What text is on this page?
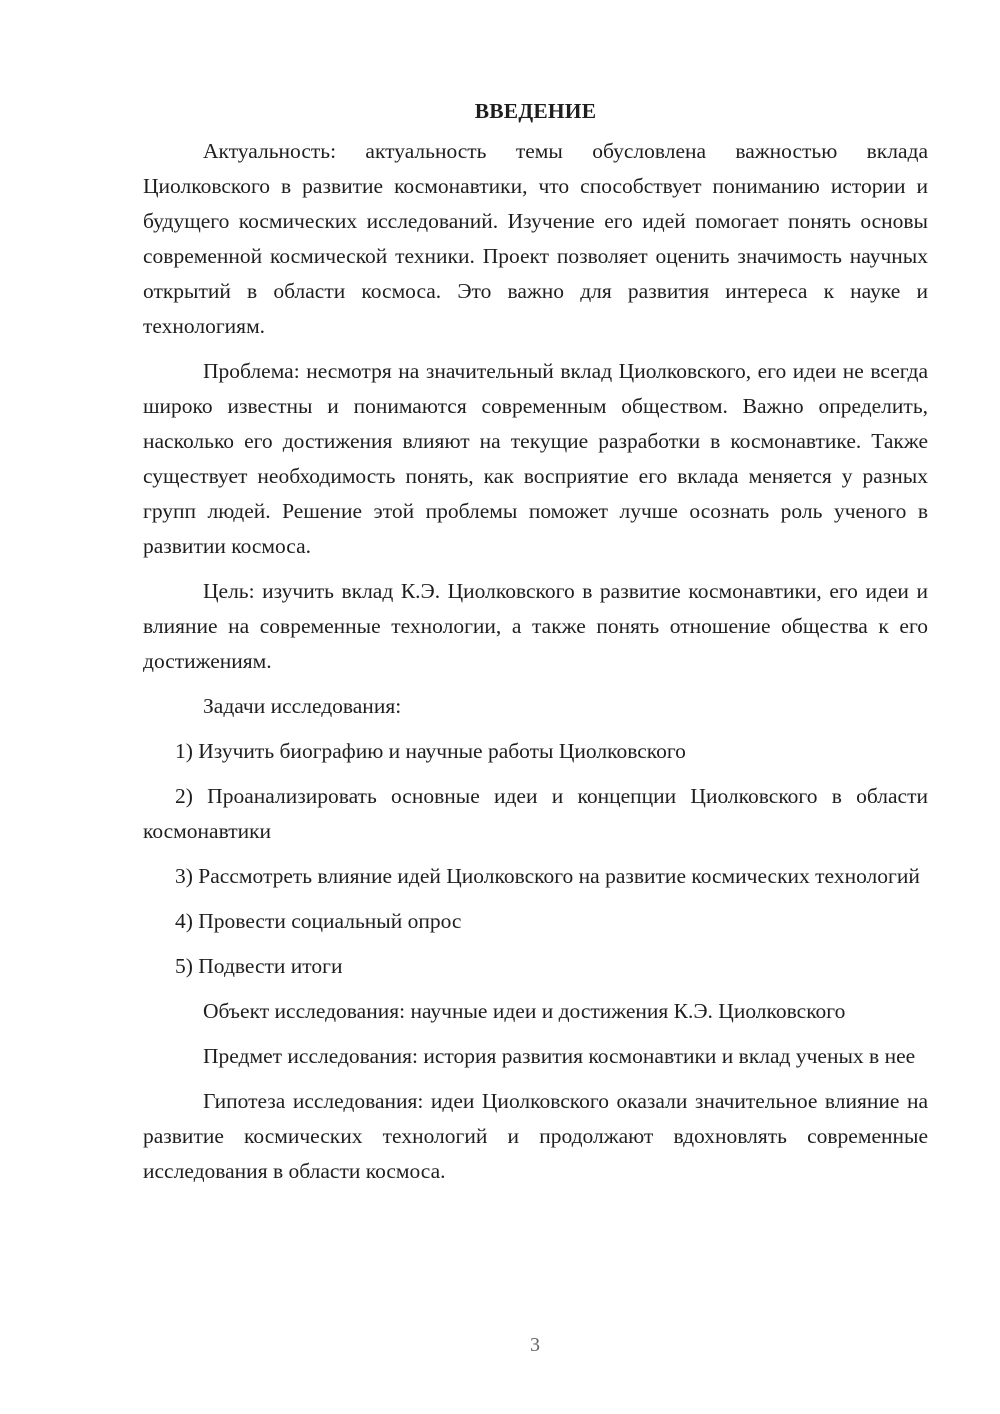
ВВЕДЕНИЕ

Актуальность: актуальность темы обусловлена важностью вклада Циолковского в развитие космонавтики, что способствует пониманию истории и будущего космических исследований. Изучение его идей помогает понять основы современной космической техники. Проект позволяет оценить значимость научных открытий в области космоса. Это важно для развития интереса к науке и технологиям.

Проблема: несмотря на значительный вклад Циолковского, его идеи не всегда широко известны и понимаются современным обществом. Важно определить, насколько его достижения влияют на текущие разработки в космонавтике. Также существует необходимость понять, как восприятие его вклада меняется у разных групп людей. Решение этой проблемы поможет лучше осознать роль ученого в развитии космоса.

Цель: изучить вклад К.Э. Циолковского в развитие космонавтики, его идеи и влияние на современные технологии, а также понять отношение общества к его достижениям.

Задачи исследования:

1) Изучить биографию и научные работы Циолковского

2) Проанализировать основные идеи и концепции Циолковского в области космонавтики

3) Рассмотреть влияние идей Циолковского на развитие космических технологий

4) Провести социальный опрос

5) Подвести итоги

Объект исследования: научные идеи и достижения К.Э. Циолковского

Предмет исследования: история развития космонавтики и вклад ученых в нее

Гипотеза исследования: идеи Циолковского оказали значительное влияние на развитие космических технологий и продолжают вдохновлять современные исследования в области космоса.

3
